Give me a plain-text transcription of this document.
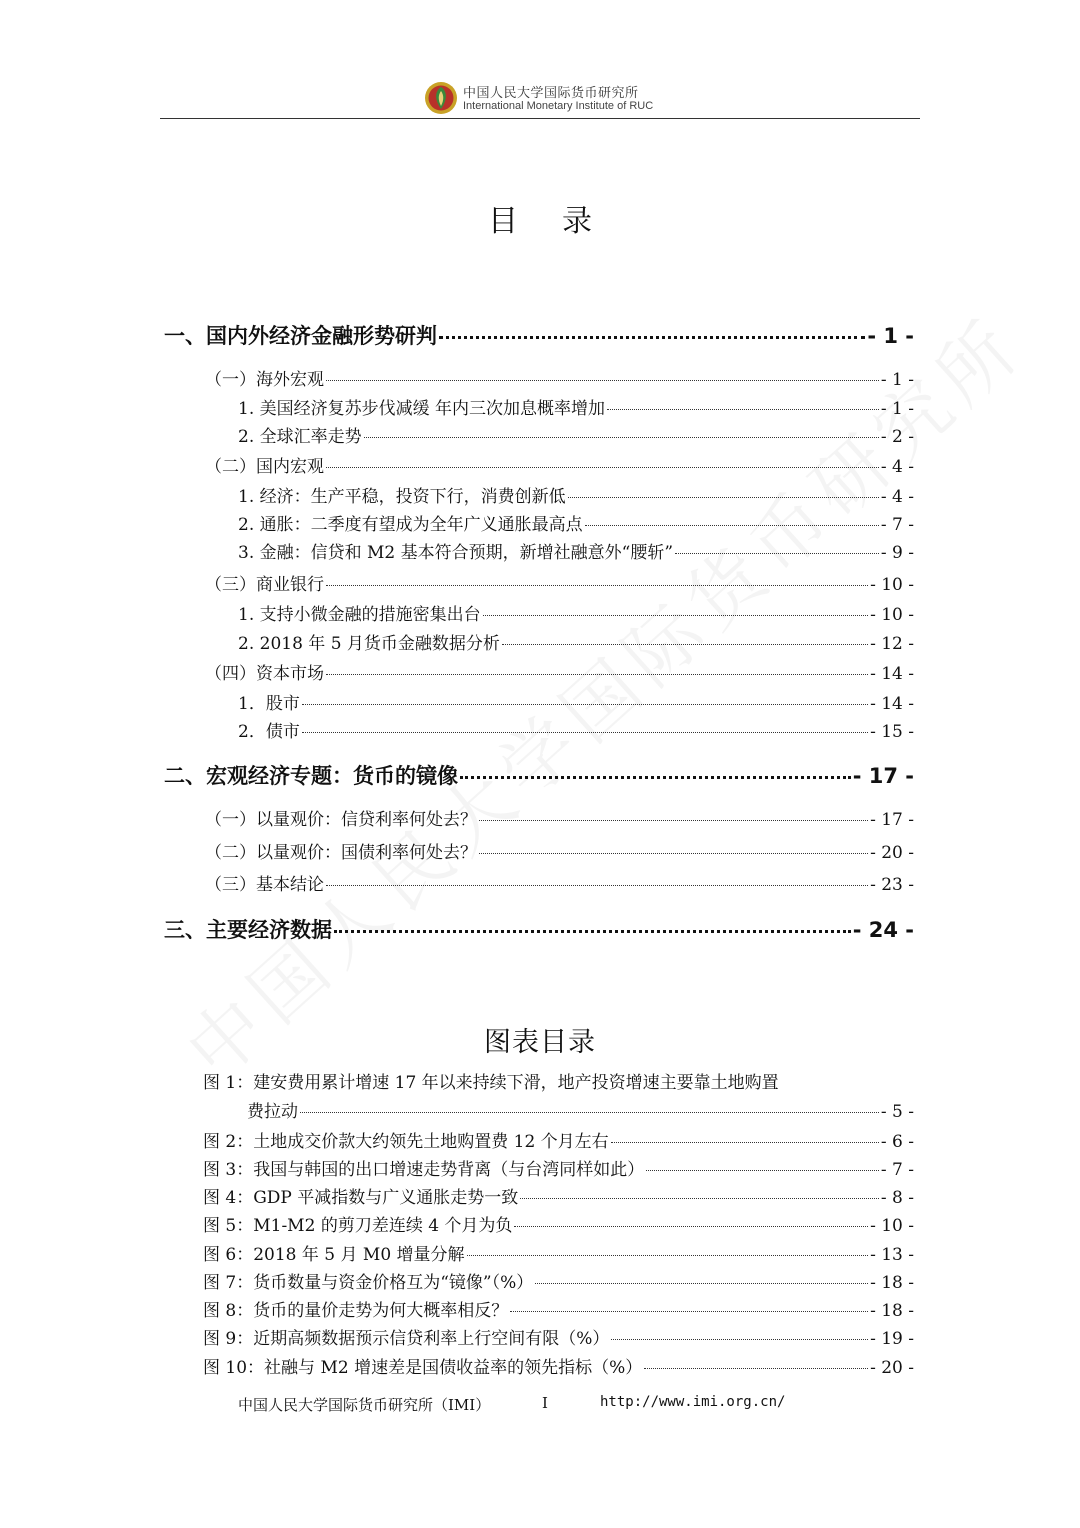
中国人民大学国际货币研究所
International Monetary Institute of RUC
目录
一、国内外经济金融形势研判	- 1 -
（一）海外宏观	- 1 -
1. 美国经济复苏步伐减缓 年内三次加息概率增加	- 1 -
2. 全球汇率走势	- 2 -
（二）国内宏观	- 4 -
1. 经济：生产平稳，投资下行，消费创新低	- 4 -
2. 通胀：二季度有望成为全年广义通胀最高点	- 7 -
3. 金融：信贷和 M2 基本符合预期，新增社融意外“腰斩”	- 9 -
（三）商业银行	- 10 -
1. 支持小微金融的措施密集出台	- 10 -
2. 2018 年 5 月货币金融数据分析	- 12 -
（四）资本市场	- 14 -
1．股市	- 14 -
2．债市	- 15 -
二、宏观经济专题：货币的镜像	- 17 -
（一）以量观价：信贷利率何处去？	- 17 -
（二）以量观价：国债利率何处去？	- 20 -
（三）基本结论	- 23 -
三、主要经济数据	- 24 -
图表目录
图 1：建安费用累计增速 17 年以来持续下滑，地产投资增速主要靠土地购置
费拉动	- 5 -
图 2：土地成交价款大约领先土地购置费 12 个月左右	- 6 -
图 3：我国与韩国的出口增速走势背离（与台湾同样如此）	- 7 -
图 4：GDP 平减指数与广义通胀走势一致	- 8 -
图 5：M1-M2 的剪刀差连续 4 个月为负	- 10 -
图 6：2018 年 5 月 M0 增量分解	- 13 -
图 7：货币数量与资金价格互为“镜像”（%）	- 18 -
图 8：货币的量价走势为何大概率相反？	- 18 -
图 9：近期高频数据预示信贷利率上行空间有限（%）	- 19 -
图 10：社融与 M2 增速差是国债收益率的领先指标（%）	- 20 -
中国人民大学国际货币研究所（IMI）	I	http://www.imi.org.cn/
